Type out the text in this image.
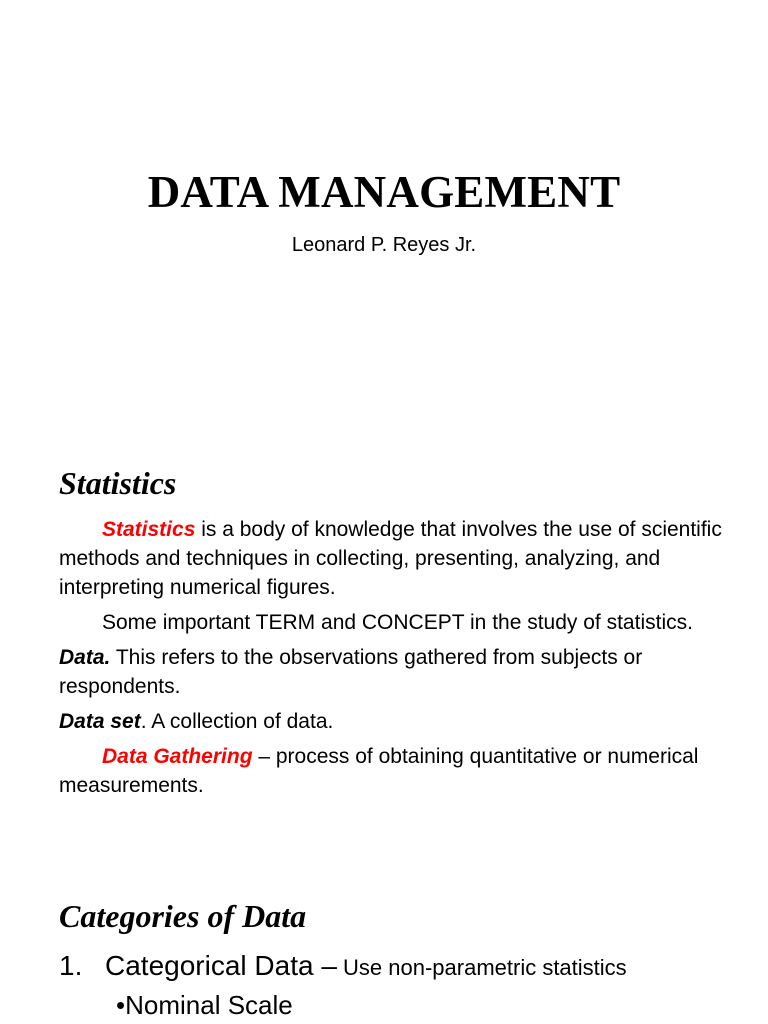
DATA MANAGEMENT
Leonard P. Reyes Jr.
Statistics

Statistics is a body of knowledge that involves the use of scientific methods and techniques in collecting, presenting, analyzing, and interpreting numerical figures.

Some important TERM and CONCEPT in the study of statistics.

Data. This refers to the observations gathered from subjects or respondents.

Data set. A collection of data.

Data Gathering – process of obtaining quantitative or numerical measurements.

Categories of Data
1. Categorical Data – Use non-parametric statistics
•Nominal Scale
